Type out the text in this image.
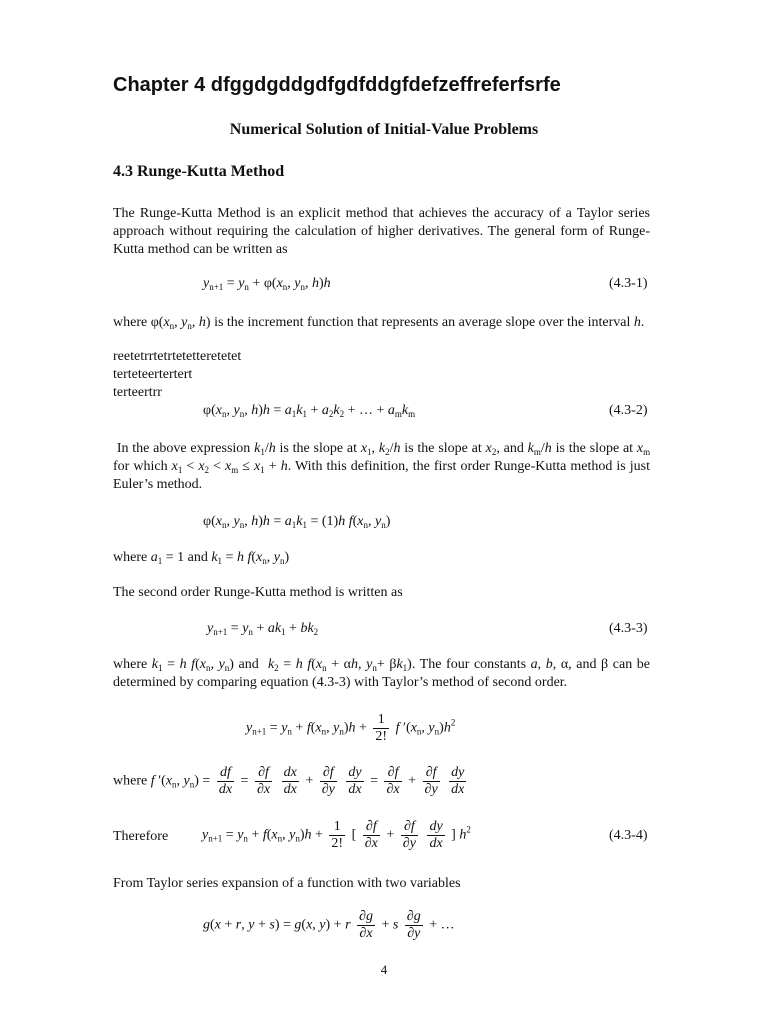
Chapter 4 dfggdgddgdfgdfddgfdefzeffreferfsrfe
Numerical Solution of Initial-Value Problems
4.3 Runge-Kutta Method
The Runge-Kutta Method is an explicit method that achieves the accuracy of a Taylor series approach without requiring the calculation of higher derivatives. The general form of Runge-Kutta method can be written as
$y_{n+1} = y_n + \varphi(x_n$, $y_n$, h)h	(4.3-1)
where $\varphi(x_n$, $y_n$, h) is the increment function that represents an average slope over the interval h.
reetetrrtetrtetetteretetet
terteteertertert
terteertrr
$\varphi(x_n$, $y_n$, $h)h = a_1k_1 + a_2k_2$ + … + $a_mk_m$	(4.3-2)
In the above expression $k_1/h$ is the slope at $x_1$, $k_2/h$ is the slope at $x_2$, and $k_m/h$ is the slope at $x_m$ for which $x_1 < x_2 < x_m \le x_1 + h$. With this definition, the first order Runge-Kutta method is just Euler’s method.
$\varphi(x_n$, $y_n$, $h)h = a_1k_1 = (1)h$ $f(x_n$, $y_n$)
where $a_1 = 1$ and $k_1 = h$ $f(x_n$, $y_n$)
The second order Runge-Kutta method is written as
$y_{n+1} = y_n + ak_1 + bk_2$	(4.3-3)
where $k_1 = h$ $f(x_n$, $y_n$) and  $k_2 = h$ $f(x_n + \alpha h$, $y_n+ \beta k_1$). The four constants a, b, α, and β can be determined by comparing equation (4.3-3) with Taylor’s method of second order.
$y_{n+1} = y_n + f(x_n$, $y_n)h + \frac{1}{2!}$ f $'(x_n$, $y_n)h^2$
where f $'(x_n$, $y_n) = \frac{df}{dx} = \frac{\partial f}{\partial x}$
$\frac{dx}{dx} + \frac{\partial f}{\partial y}$
$\frac{dy}{dx} = \frac{\partial f}{\partial x} + \frac{\partial f}{\partial y}$
$\frac{dy}{dx}$
Therefore $y_{n+1} = y_n + f(x_n$, $y_n)h + \frac{1}{2!}$ [ $\frac{\partial f}{\partial x} + \frac{\partial f}{\partial y}$
$\frac{dy}{dx}$ ] $h^2$	(4.3-4)
From Taylor series expansion of a function with two variables
g(x + r, y + s) = g(x, y) + r $\frac{\partial g}{\partial x} + s \frac{\partial g}{\partial y}$ + …
4
